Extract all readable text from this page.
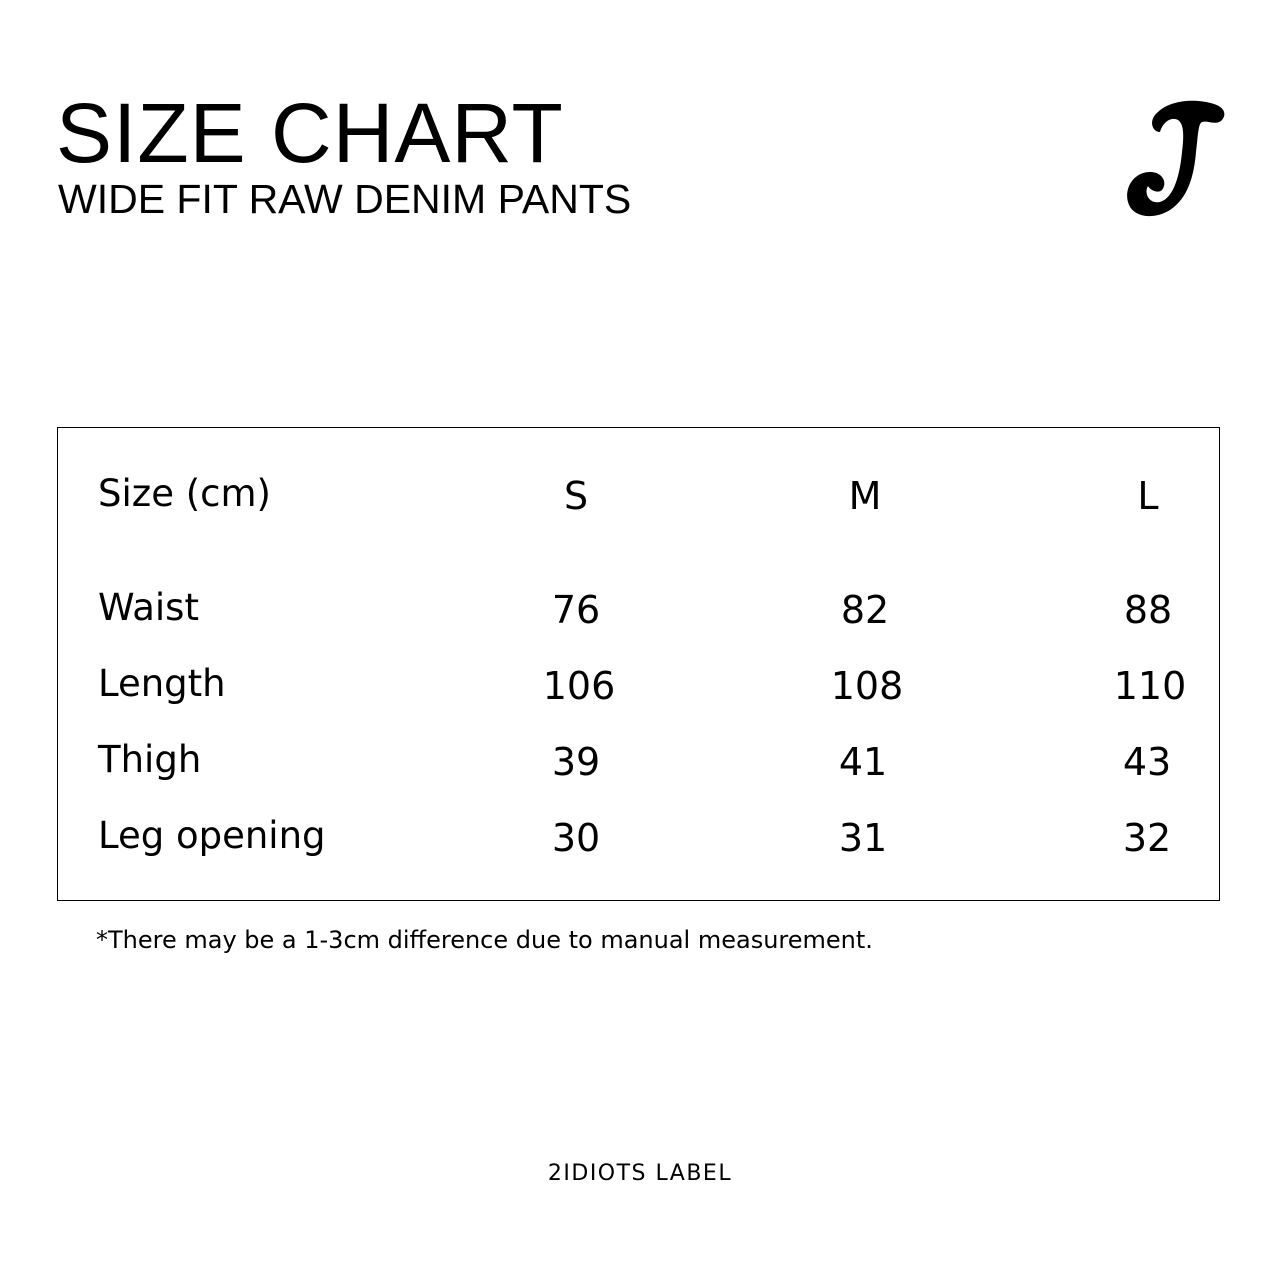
SIZE CHART

WIDE FIT RAW DENIM PANTS

Size (cm)	S	M	L
Waist	76	82	88
Length	106	108	110
Thigh	39	41	43
Leg opening	30	31	32

*There may be a 1-3cm difference due to manual measurement.

2IDIOTS LABEL
